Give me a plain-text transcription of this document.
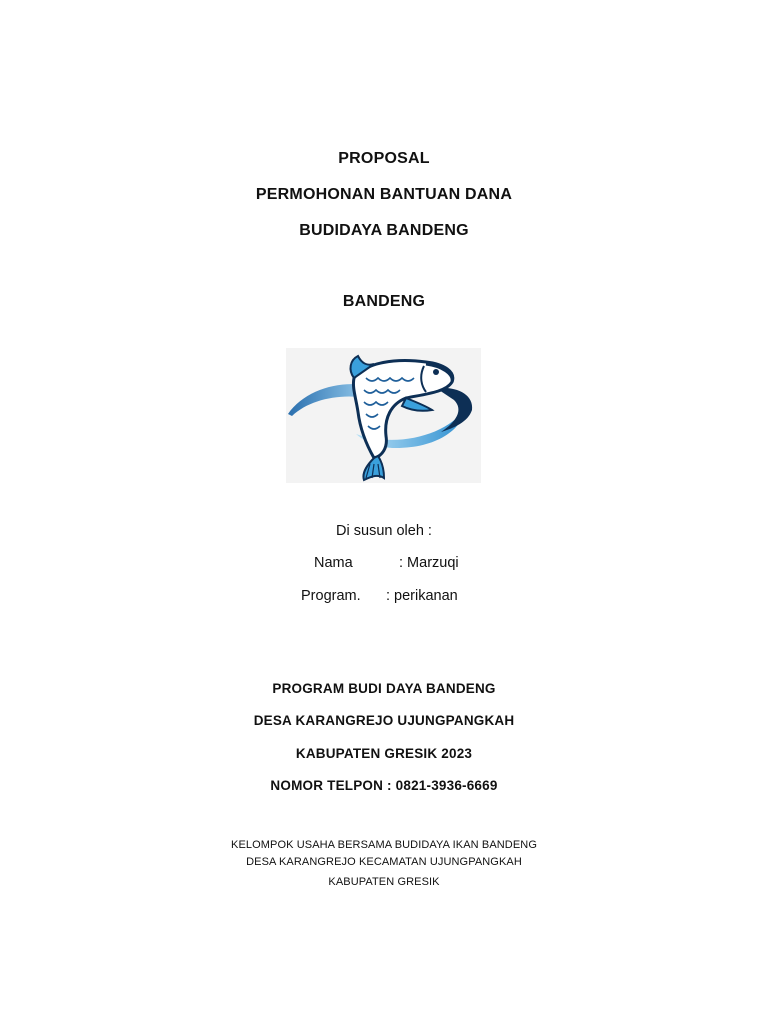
PROPOSAL
PERMOHONAN BANTUAN DANA
BUDIDAYA BANDENG
BANDENG
Di susun oleh :
Nama	: Marzuqi
Program. : perikanan
PROGRAM BUDI DAYA BANDENG
DESA KARANGREJO UJUNGPANGKAH
KABUPATEN GRESIK 2023
NOMOR TELPON : 0821-3936-6669
KELOMPOK USAHA BERSAMA BUDIDAYA IKAN BANDENG
DESA KARANGREJO KECAMATAN UJUNGPANGKAH
KABUPATEN GRESIK
